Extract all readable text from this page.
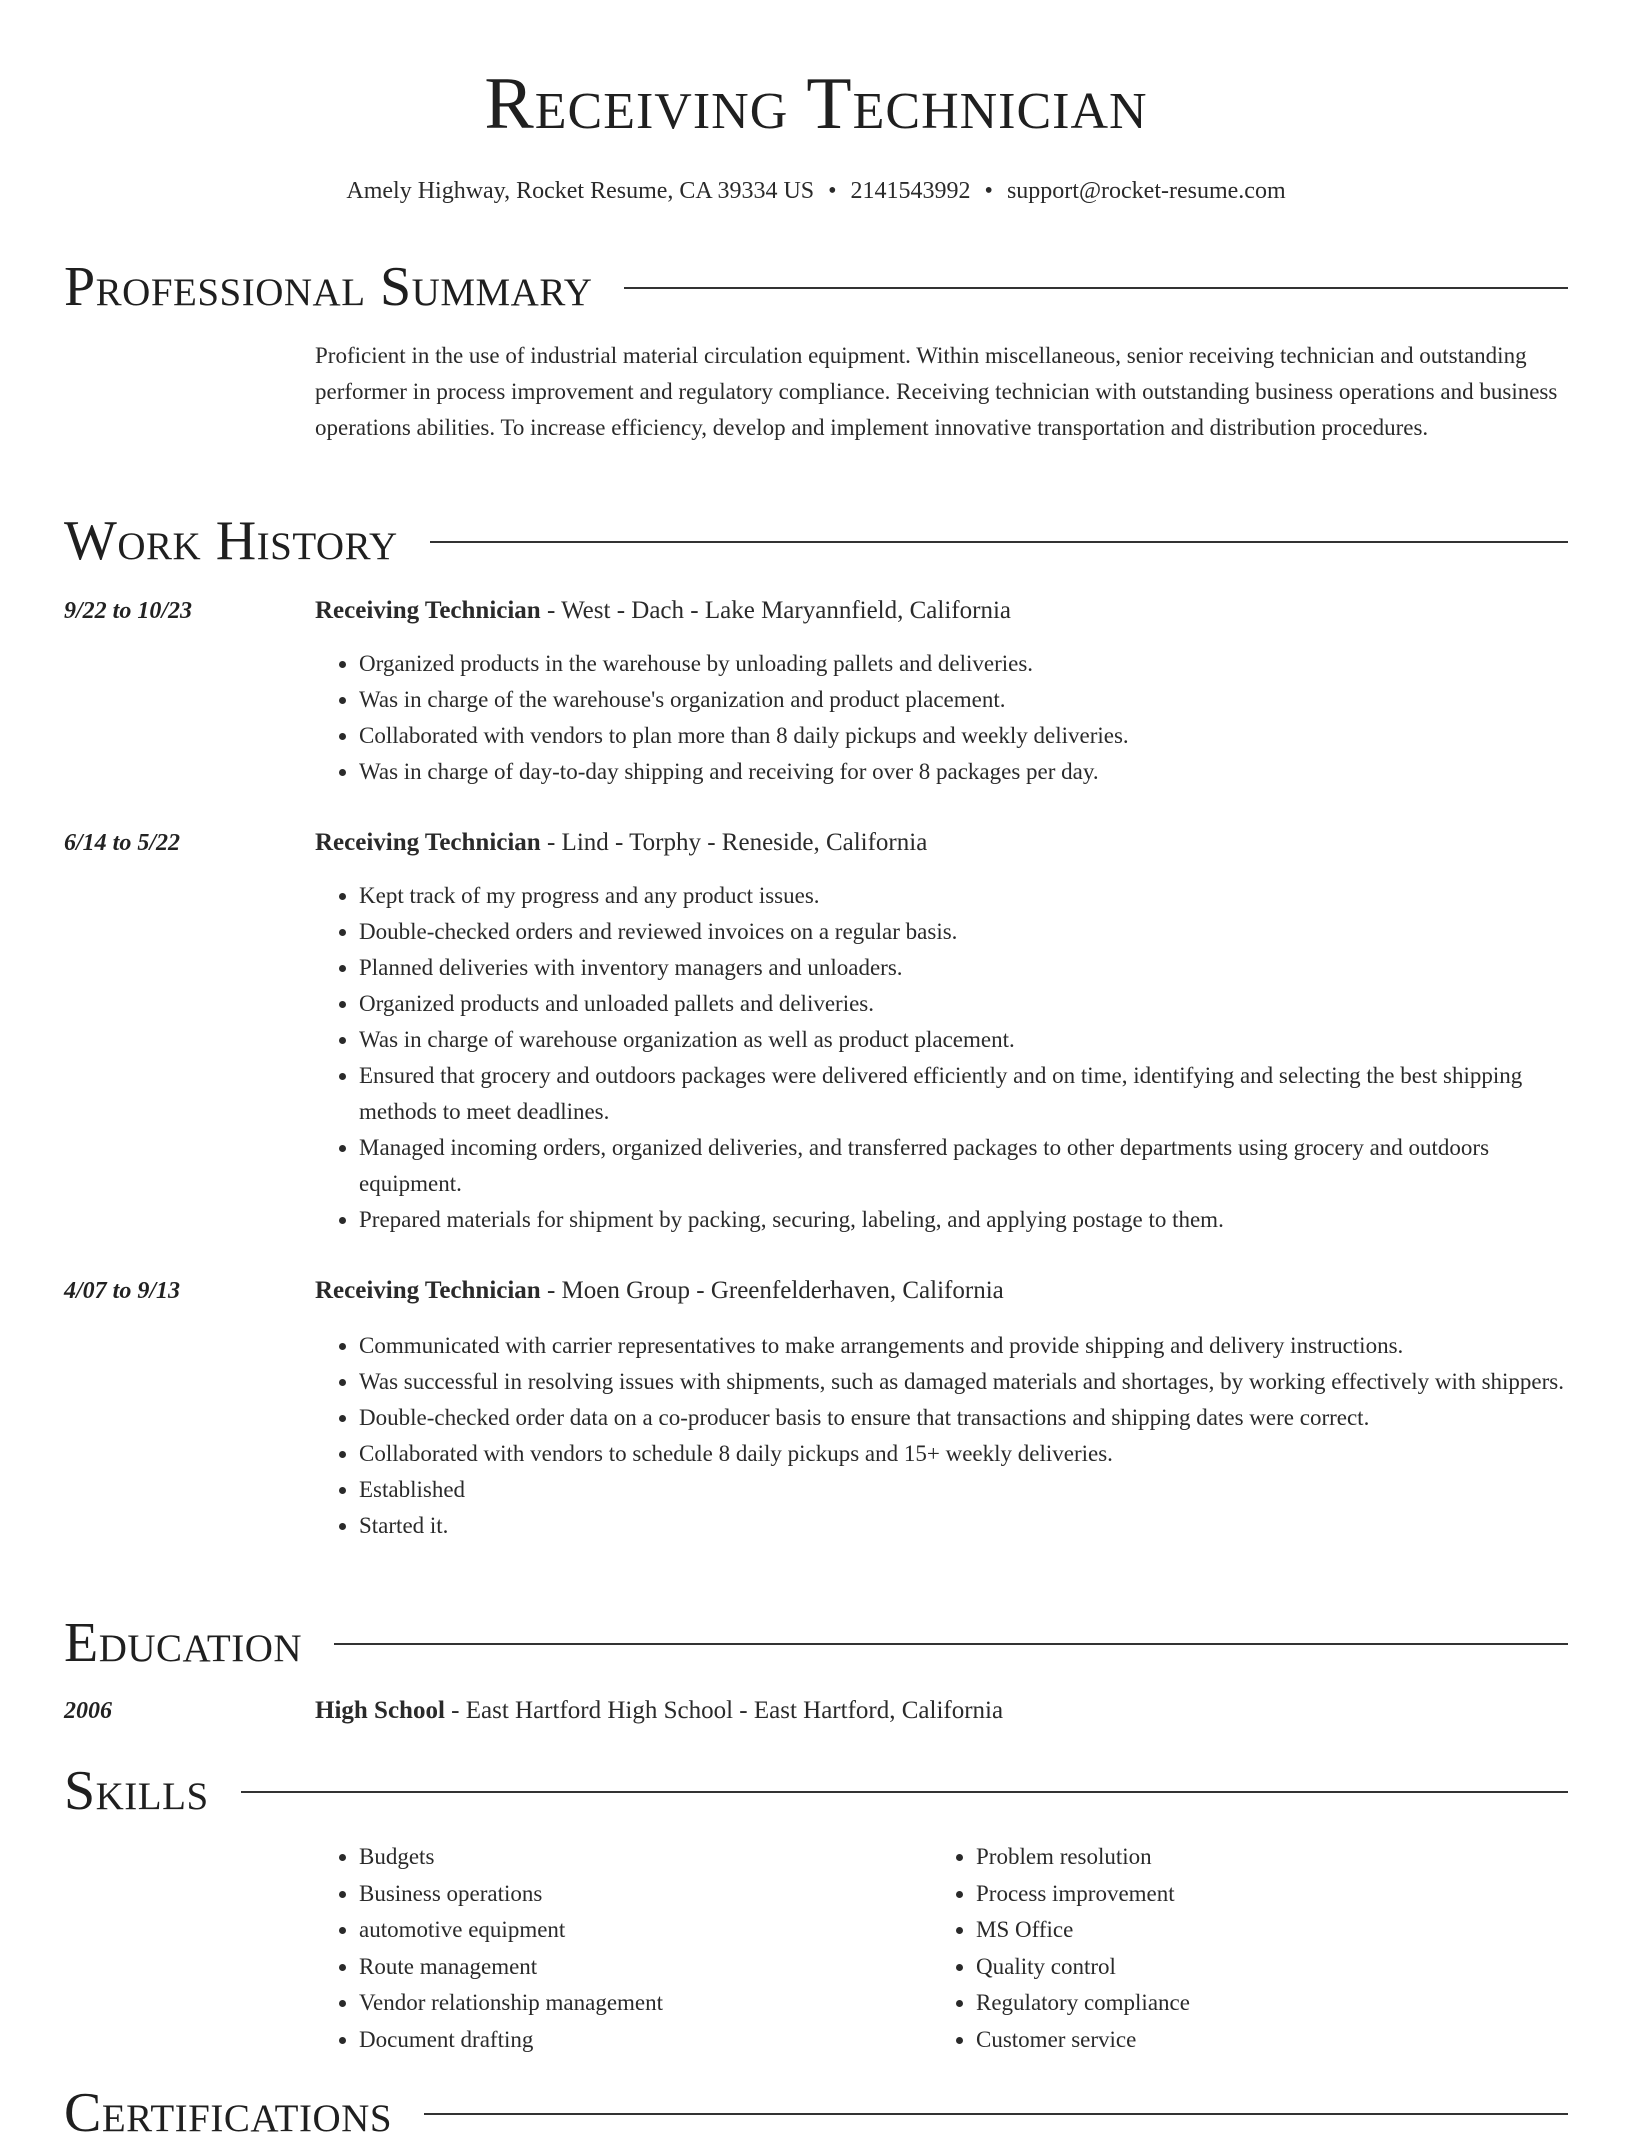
Receiving Technician
Amely Highway, Rocket Resume, CA 39334 US • 2141543992 • support@rocket-resume.com
Professional Summary
Proficient in the use of industrial material circulation equipment. Within miscellaneous, senior receiving technician and outstanding performer in process improvement and regulatory compliance. Receiving technician with outstanding business operations and business operations abilities. To increase efficiency, develop and implement innovative transportation and distribution procedures.
Work History
9/22 to 10/23	Receiving Technician - West - Dach - Lake Maryannfield, California
• Organized products in the warehouse by unloading pallets and deliveries.
• Was in charge of the warehouse's organization and product placement.
• Collaborated with vendors to plan more than 8 daily pickups and weekly deliveries.
• Was in charge of day-to-day shipping and receiving for over 8 packages per day.
6/14 to 5/22	Receiving Technician - Lind - Torphy - Reneside, California
• Kept track of my progress and any product issues.
• Double-checked orders and reviewed invoices on a regular basis.
• Planned deliveries with inventory managers and unloaders.
• Organized products and unloaded pallets and deliveries.
• Was in charge of warehouse organization as well as product placement.
• Ensured that grocery and outdoors packages were delivered efficiently and on time, identifying and selecting the best shipping methods to meet deadlines.
• Managed incoming orders, organized deliveries, and transferred packages to other departments using grocery and outdoors equipment.
• Prepared materials for shipment by packing, securing, labeling, and applying postage to them.
4/07 to 9/13	Receiving Technician - Moen Group - Greenfelderhaven, California
• Communicated with carrier representatives to make arrangements and provide shipping and delivery instructions.
• Was successful in resolving issues with shipments, such as damaged materials and shortages, by working effectively with shippers.
• Double-checked order data on a co-producer basis to ensure that transactions and shipping dates were correct.
• Collaborated with vendors to schedule 8 daily pickups and 15+ weekly deliveries.
• Established
• Started it.
Education
2006	High School - East Hartford High School - East Hartford, California
Skills
• Budgets
• Business operations
• automotive equipment
• Route management
• Vendor relationship management
• Document drafting
• Problem resolution
• Process improvement
• MS Office
• Quality control
• Regulatory compliance
• Customer service
Certifications
